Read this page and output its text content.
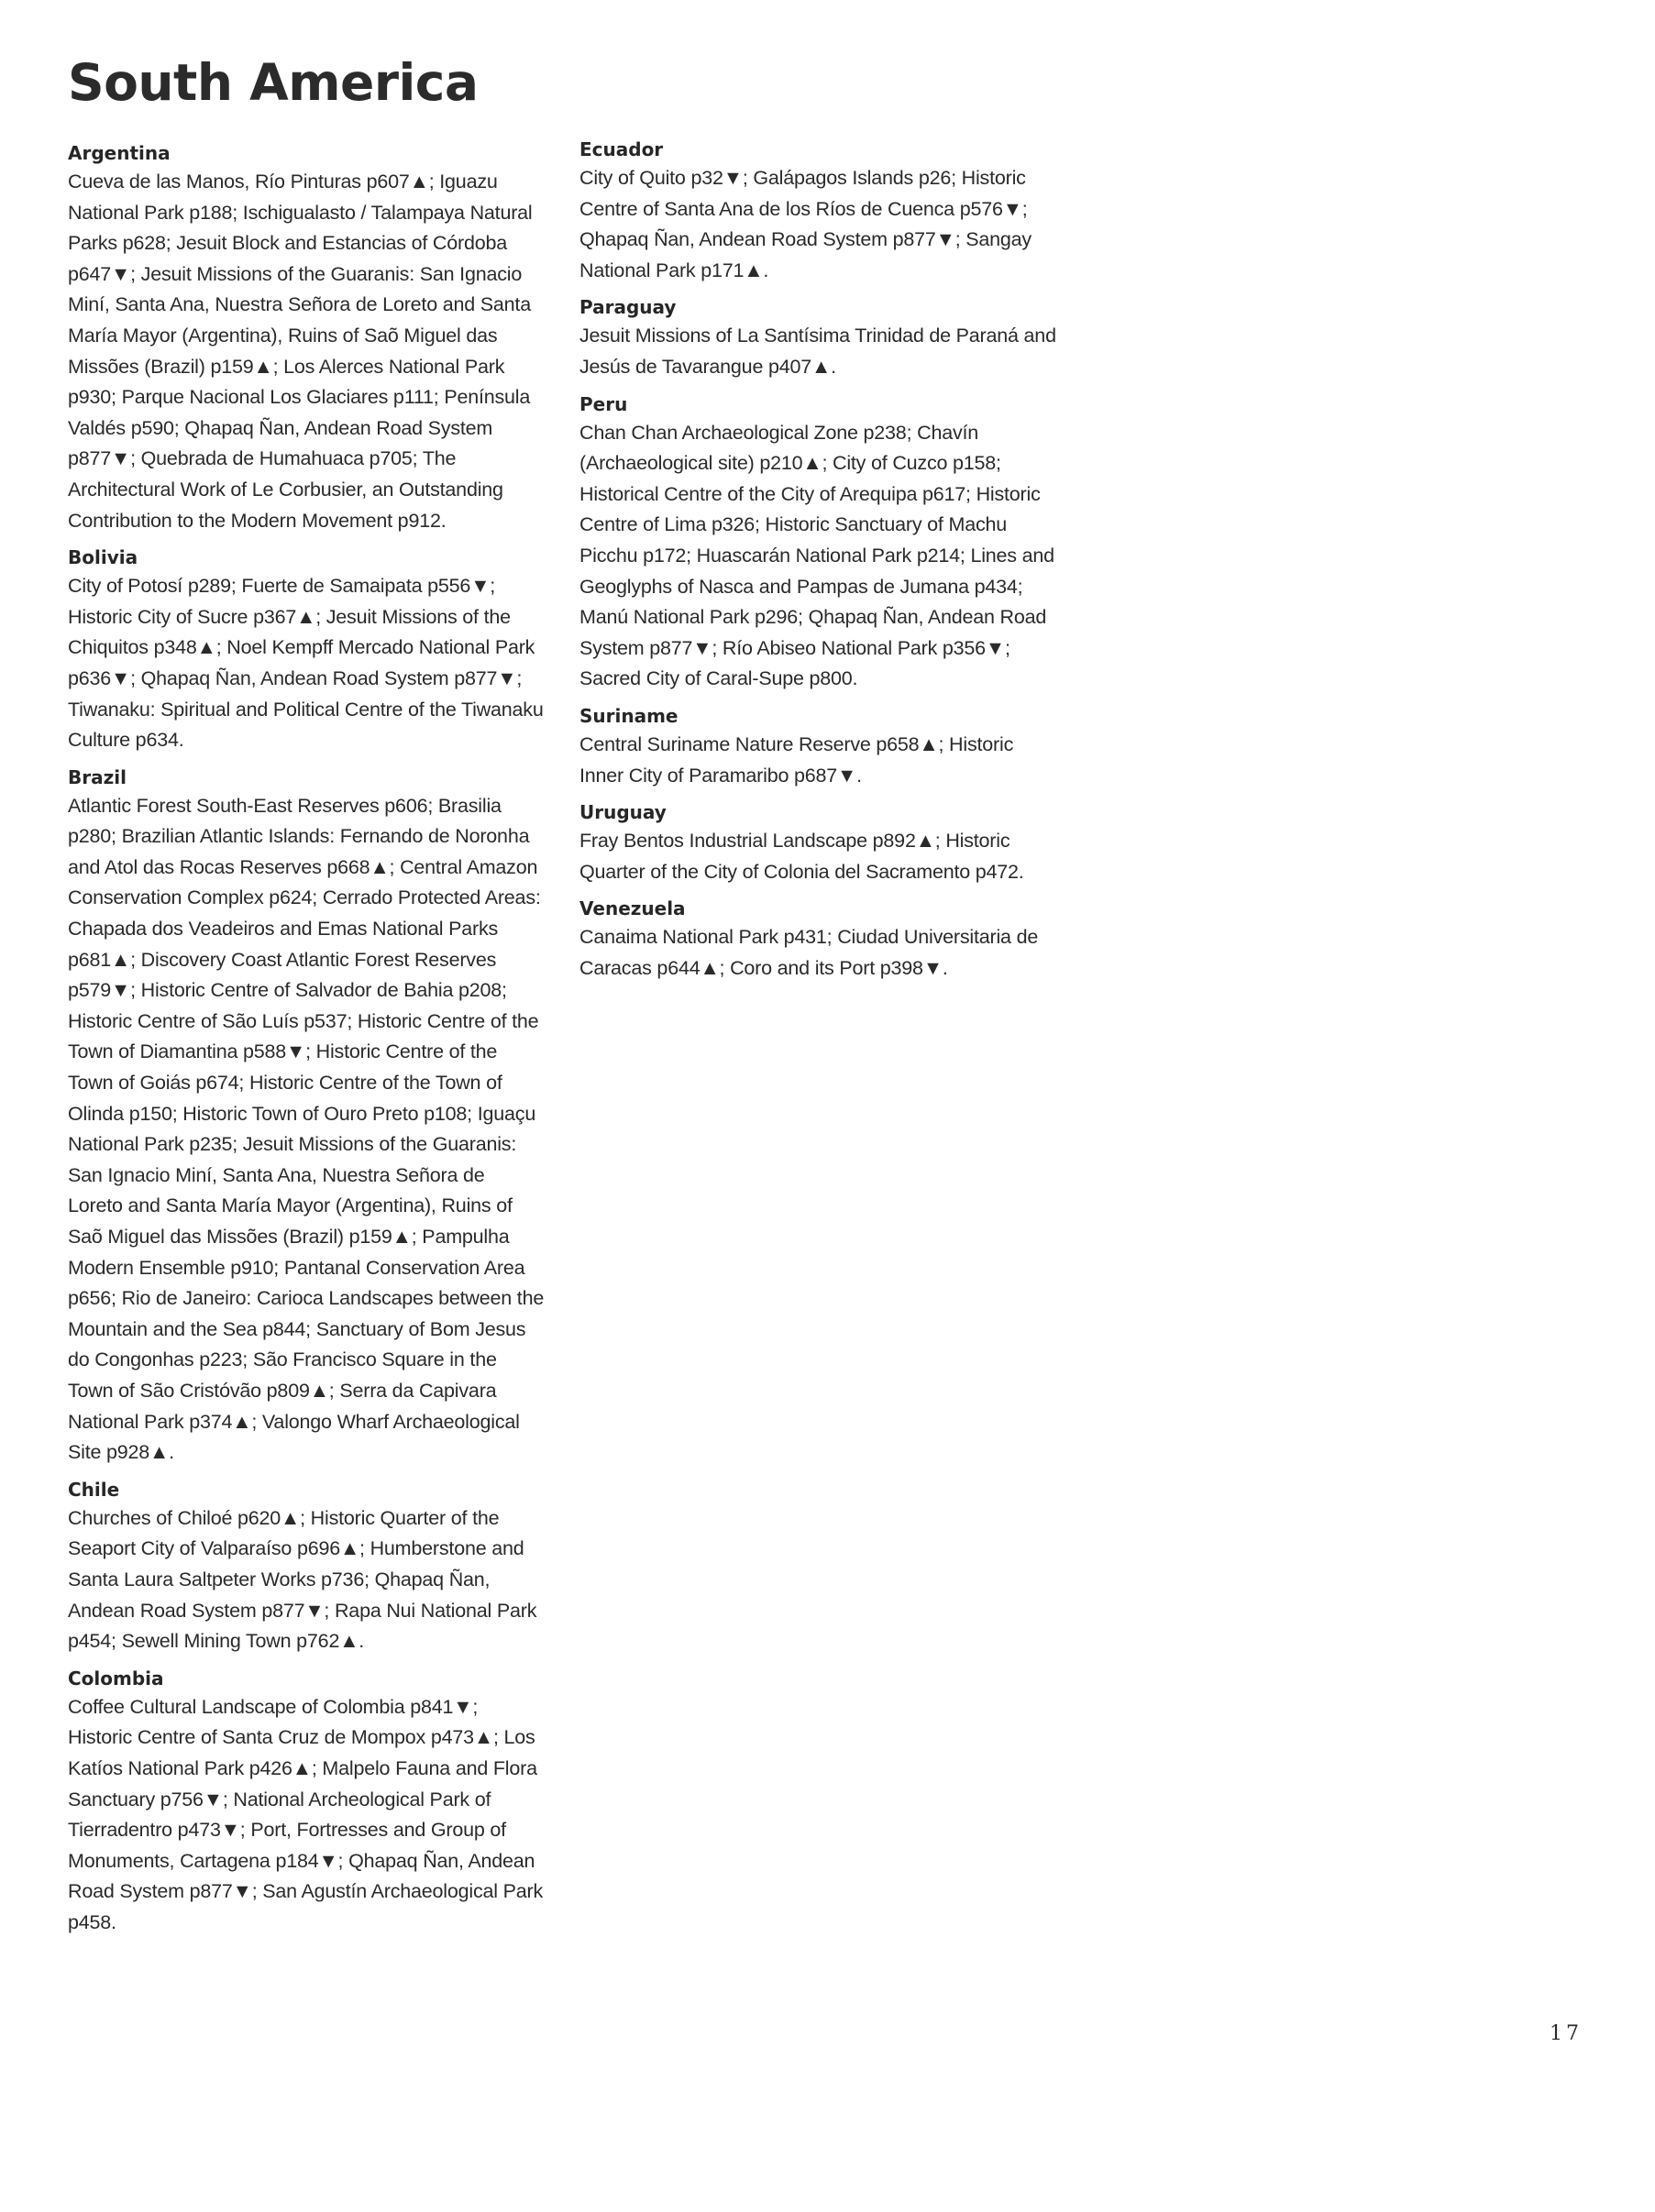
South America

Argentina

Cueva de las Manos, Río Pinturas p607▲; Iguazu National Park p188; Ischigualasto / Talampaya Natural Parks p628; Jesuit Block and Estancias of Córdoba p647▼; Jesuit Missions of the Guaranis: San Ignacio Miní, Santa Ana, Nuestra Señora de Loreto and Santa María Mayor (Argentina), Ruins of Saõ Miguel das Missões (Brazil) p159▲; Los Alerces National Park p930; Parque Nacional Los Glaciares p111; Península Valdés p590; Qhapaq Ñan, Andean Road System p877▼; Quebrada de Humahuaca p705; The Architectural Work of Le Corbusier, an Outstanding Contribution to the Modern Movement p912.

Bolivia

City of Potosí p289; Fuerte de Samaipata p556▼; Historic City of Sucre p367▲; Jesuit Missions of the Chiquitos p348▲; Noel Kempff Mercado National Park p636▼; Qhapaq Ñan, Andean Road System p877▼; Tiwanaku: Spiritual and Political Centre of the Tiwanaku Culture p634.

Brazil

Atlantic Forest South-East Reserves p606; Brasilia p280; Brazilian Atlantic Islands: Fernando de Noronha and Atol das Rocas Reserves p668▲; Central Amazon Conservation Complex p624; Cerrado Protected Areas: Chapada dos Veadeiros and Emas National Parks p681▲; Discovery Coast Atlantic Forest Reserves p579▼; Historic Centre of Salvador de Bahia p208; Historic Centre of São Luís p537; Historic Centre of the Town of Diamantina p588▼; Historic Centre of the Town of Goiás p674; Historic Centre of the Town of Olinda p150; Historic Town of Ouro Preto p108; Iguaçu National Park p235; Jesuit Missions of the Guaranis: San Ignacio Miní, Santa Ana, Nuestra Señora de Loreto and Santa María Mayor (Argentina), Ruins of Saõ Miguel das Missões (Brazil) p159▲; Pampulha Modern Ensemble p910; Pantanal Conservation Area p656; Rio de Janeiro: Carioca Landscapes between the Mountain and the Sea p844; Sanctuary of Bom Jesus do Congonhas p223; São Francisco Square in the Town of São Cristóvão p809▲; Serra da Capivara National Park p374▲; Valongo Wharf Archaeological Site p928▲.

Chile

Churches of Chiloé p620▲; Historic Quarter of the Seaport City of Valparaíso p696▲; Humberstone and Santa Laura Saltpeter Works p736; Qhapaq Ñan, Andean Road System p877▼; Rapa Nui National Park p454; Sewell Mining Town p762▲.

Colombia

Coffee Cultural Landscape of Colombia p841▼; Historic Centre of Santa Cruz de Mompox p473▲; Los Katíos National Park p426▲; Malpelo Fauna and Flora Sanctuary p756▼; National Archeological Park of Tierradentro p473▼; Port, Fortresses and Group of Monuments, Cartagena p184▼; Qhapaq Ñan, Andean Road System p877▼; San Agustín Archaeological Park p458.

Ecuador

City of Quito p32▼; Galápagos Islands p26; Historic Centre of Santa Ana de los Ríos de Cuenca p576▼; Qhapaq Ñan, Andean Road System p877▼; Sangay National Park p171▲.

Paraguay

Jesuit Missions of La Santísima Trinidad de Paraná and Jesús de Tavarangue p407▲.

Peru

Chan Chan Archaeological Zone p238; Chavín (Archaeological site) p210▲; City of Cuzco p158; Historical Centre of the City of Arequipa p617; Historic Centre of Lima p326; Historic Sanctuary of Machu Picchu p172; Huascarán National Park p214; Lines and Geoglyphs of Nasca and Pampas de Jumana p434; Manú National Park p296; Qhapaq Ñan, Andean Road System p877▼; Río Abiseo National Park p356▼; Sacred City of Caral-Supe p800.

Suriname

Central Suriname Nature Reserve p658▲; Historic Inner City of Paramaribo p687▼.

Uruguay

Fray Bentos Industrial Landscape p892▲; Historic Quarter of the City of Colonia del Sacramento p472.

Venezuela

Canaima National Park p431; Ciudad Universitaria de Caracas p644▲; Coro and its Port p398▼.

17
